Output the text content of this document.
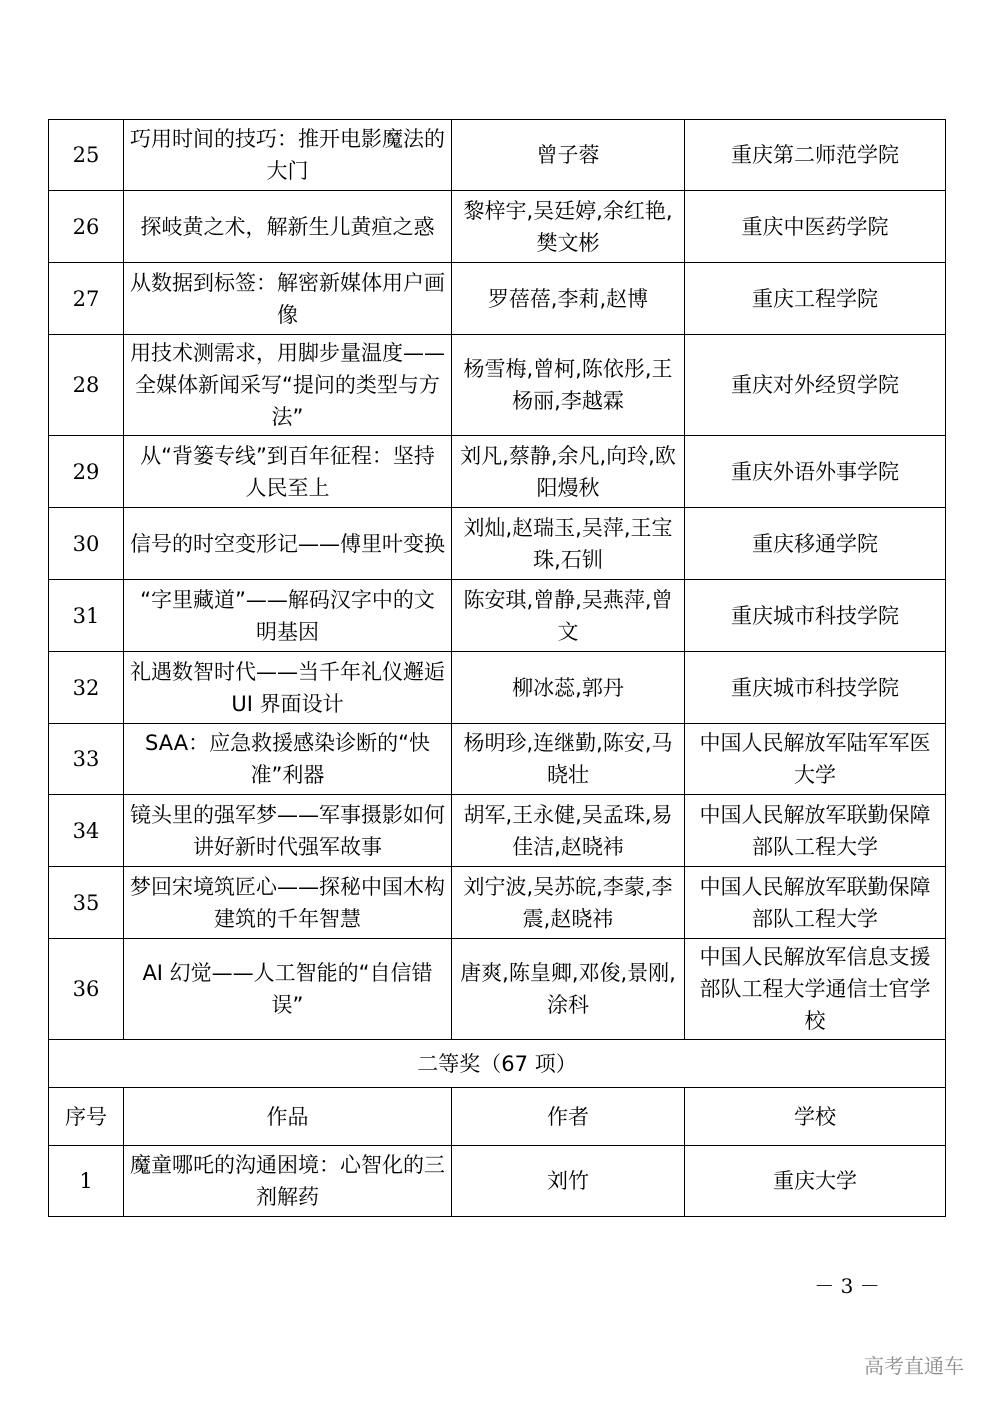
25	巧用时间的技巧：推开电影魔法的大门	曾子蓉	重庆第二师范学院
26	探岐黄之术，解新生儿黄疸之惑	黎梓宇,吴廷婷,余红艳,樊文彬	重庆中医药学院
27	从数据到标签：解密新媒体用户画像	罗蓓蓓,李莉,赵博	重庆工程学院
28	用技术测需求，用脚步量温度——全媒体新闻采写“提问的类型与方法”	杨雪梅,曾柯,陈依彤,王杨丽,李越霖	重庆对外经贸学院
29	从“背篓专线”到百年征程：坚持人民至上	刘凡,蔡静,余凡,向玲,欧阳熳秋	重庆外语外事学院
30	信号的时空变形记——傅里叶变换	刘灿,赵瑞玉,吴萍,王宝珠,石钏	重庆移通学院
31	“字里藏道”——解码汉字中的文明基因	陈安琪,曾静,吴燕萍,曾文	重庆城市科技学院
32	礼遇数智时代——当千年礼仪邂逅 UI 界面设计	柳冰蕊,郭丹	重庆城市科技学院
33	SAA：应急救援感染诊断的“快准”利器	杨明珍,连继勤,陈安,马晓壮	中国人民解放军陆军军医大学
34	镜头里的强军梦——军事摄影如何讲好新时代强军故事	胡军,王永健,吴孟珠,易佳洁,赵晓袆	中国人民解放军联勤保障部队工程大学
35	梦回宋境筑匠心——探秘中国木构建筑的千年智慧	刘宁波,吴苏皖,李蒙,李震,赵晓祎	中国人民解放军联勤保障部队工程大学
36	AI 幻觉——人工智能的“自信错误”	唐爽,陈皇卿,邓俊,景刚,涂科	中国人民解放军信息支援部队工程大学通信士官学校
二等奖（67 项）			
序号	作品	作者	学校
1	魔童哪吒的沟通困境：心智化的三剂解药	刘竹	重庆大学
－ 3 －
高考直通车
